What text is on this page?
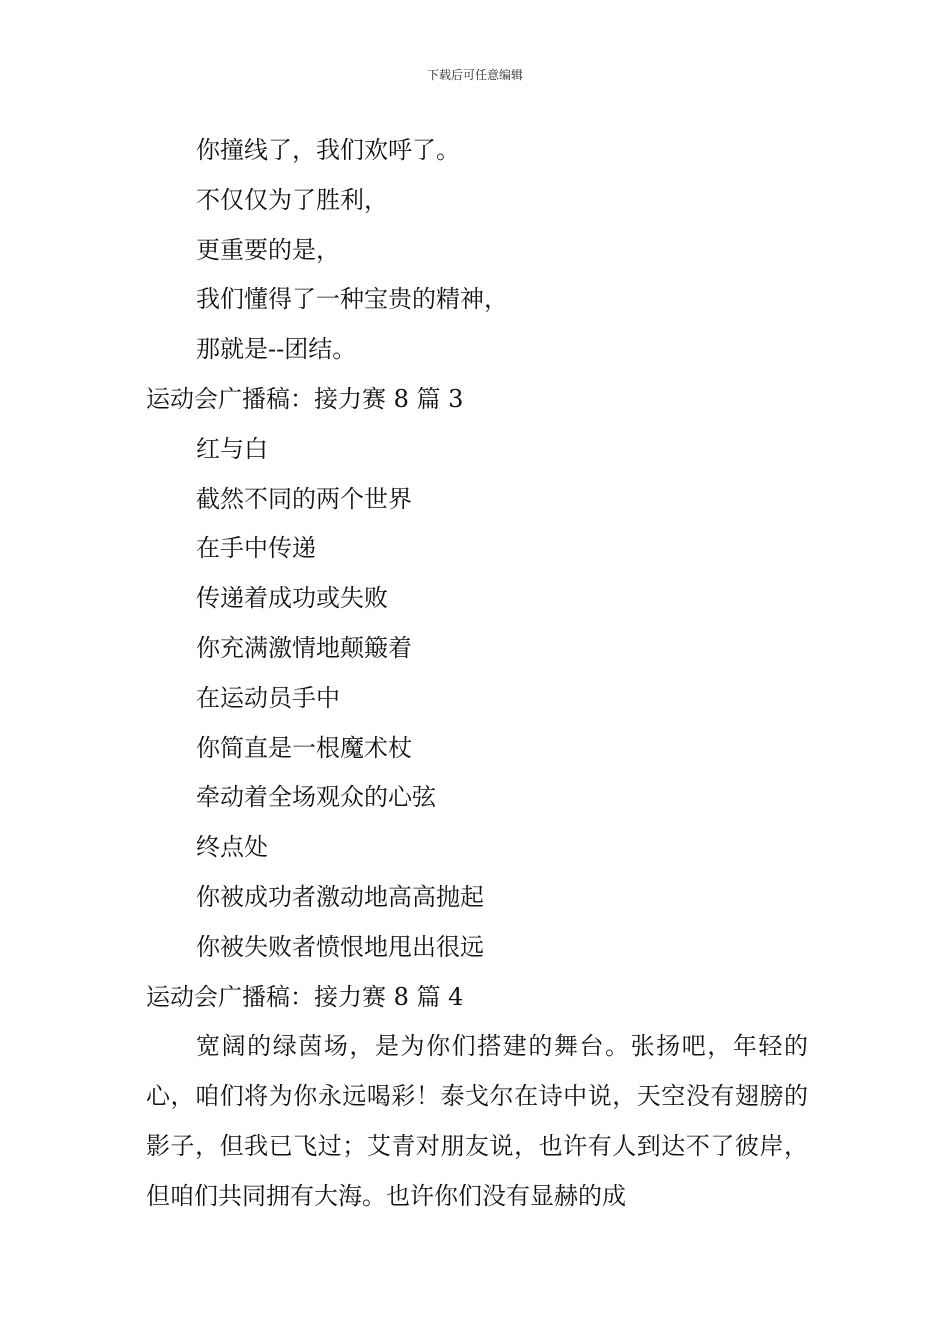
下载后可任意编辑
你撞线了，我们欢呼了。
不仅仅为了胜利，
更重要的是，
我们懂得了一种宝贵的精神，
那就是--团结。
运动会广播稿：接力赛 8 篇 3
红与白
截然不同的两个世界
在手中传递
传递着成功或失败
你充满激情地颠簸着
在运动员手中
你简直是一根魔术杖
牵动着全场观众的心弦
终点处
你被成功者激动地高高抛起
你被失败者愤恨地甩出很远
运动会广播稿：接力赛 8 篇 4

宽阔的绿茵场，是为你们搭建的舞台。张扬吧，年轻的心，咱们将为你永远喝彩！泰戈尔在诗中说，天空没有翅膀的影子，但我已飞过；艾青对朋友说，也许有人到达不了彼岸，但咱们共同拥有大海。也许你们没有显赫的成
